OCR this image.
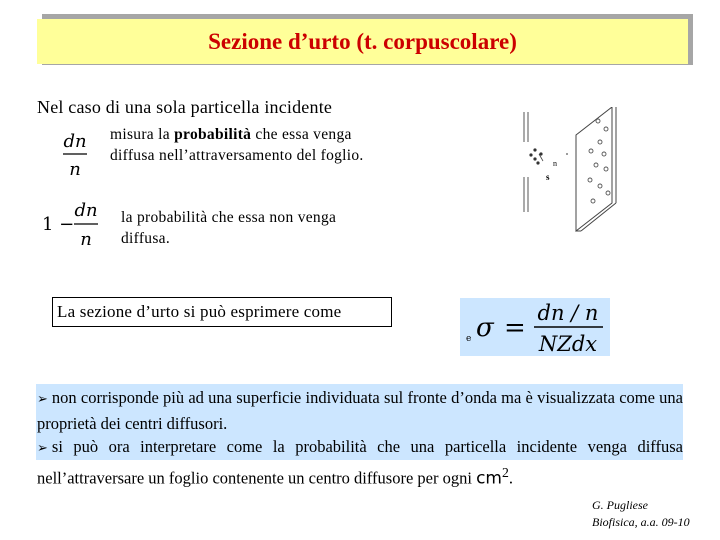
Sezione d’urto (t. corpuscolare)
Nel caso di una sola particella incidente
dn
n
misura la probabilità che essa venga
diffusa nell’attraversamento del foglio.
1 −
dn
n
la probabilità che essa non venga
diffusa.
n
s
La sezione d’urto si può esprimere come
e σ = dn / n
NZdx

➢ non corrisponde più ad una superficie individuata sul fronte d’onda ma è visualizzata come una proprietà dei centri diffusori.

➢ si può ora interpretare come la probabilità che una particella incidente venga diffusa nell’attraversare un foglio contenente un centro diffusore per ogni $cm^2$.

G. Pugliese
Biofisica, a.a. 09-10
